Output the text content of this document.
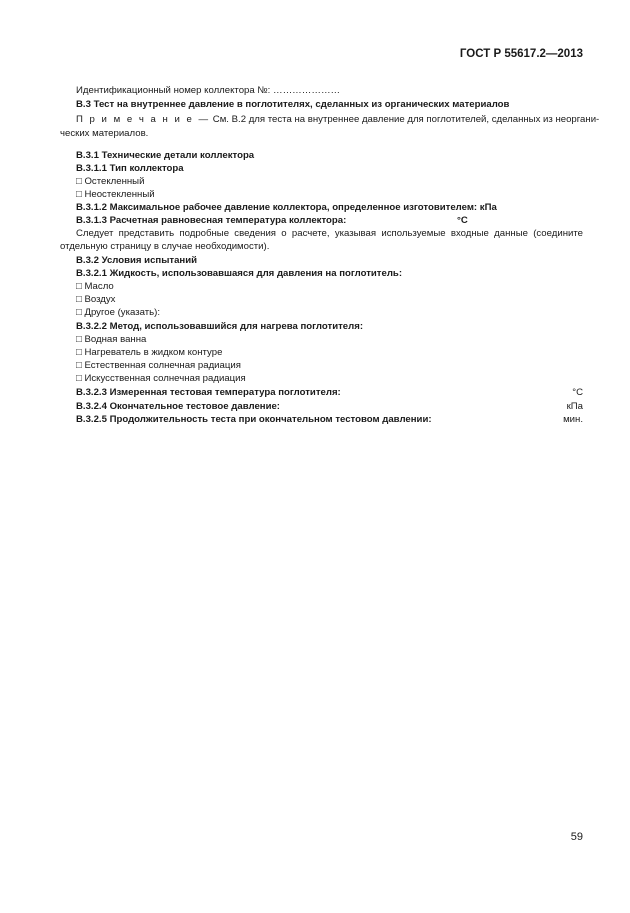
ГОСТ Р 55617.2—2013
Идентификационный номер коллектора №: …………………
В.3 Тест на внутреннее давление в поглотителях, сделанных из органических материалов
П р и м е ч а н и е — См. В.2 для теста на внутреннее давление для поглотителей, сделанных из неоргани-
ческих материалов.
В.3.1 Технические детали коллектора
В.3.1.1 Тип коллектора
□ Остекленный
□ Неостекленный
В.3.1.2 Максимальное рабочее давление коллектора, определенное изготовителем: кПа
В.3.1.3 Расчетная равновесная температура коллектора:	°С
Следует представить подробные сведения о расчете, указывая используемые входные данные (соедините
отдельную страницу в случае необходимости).
В.3.2 Условия испытаний
В.3.2.1 Жидкость, использовавшаяся для давления на поглотитель:
□ Масло
□ Воздух
□ Другое (указать):
В.3.2.2 Метод, использовавшийся для нагрева поглотителя:
□ Водная ванна
□ Нагреватель в жидком контуре
□ Естественная солнечная радиация
□ Искусственная солнечная радиация
В.3.2.3 Измеренная тестовая температура поглотителя:	°С
В.3.2.4 Окончательное тестовое давление:	кПа
В.3.2.5 Продолжительность теста при окончательном тестовом давлении:	мин.
59
